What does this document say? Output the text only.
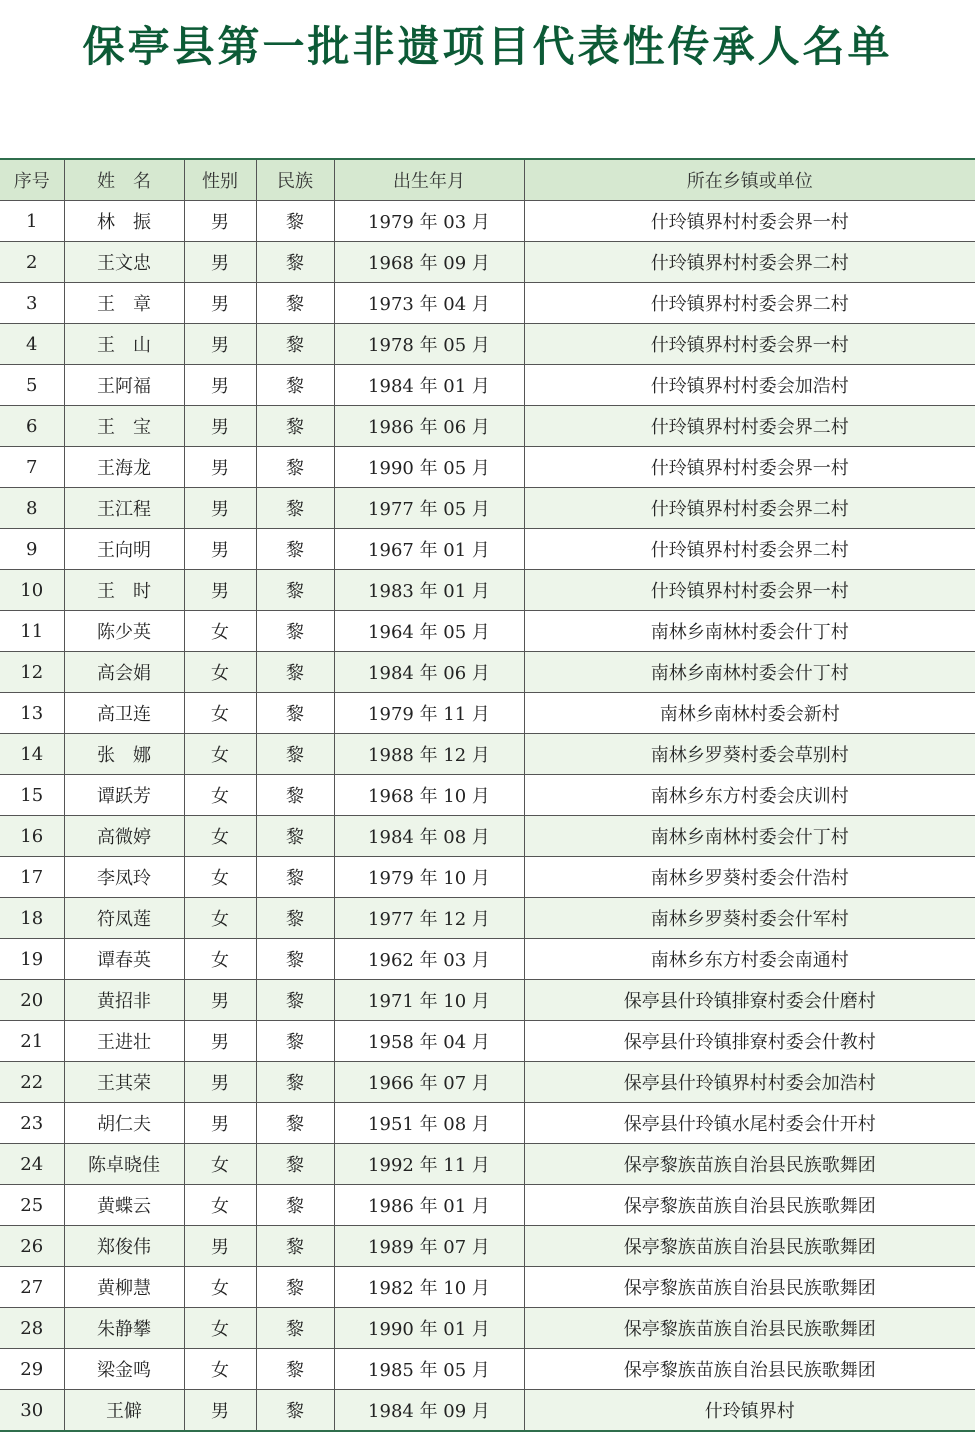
保亭县第一批非遗项目代表性传承人名单
序号	姓　名	性别	民族	出生年月	所在乡镇或单位
1	林　振	男	黎	1979 年 03 月	什玲镇界村村委会界一村
2	王文忠	男	黎	1968 年 09 月	什玲镇界村村委会界二村
3	王　章	男	黎	1973 年 04 月	什玲镇界村村委会界二村
4	王　山	男	黎	1978 年 05 月	什玲镇界村村委会界一村
5	王阿福	男	黎	1984 年 01 月	什玲镇界村村委会加浩村
6	王　宝	男	黎	1986 年 06 月	什玲镇界村村委会界二村
7	王海龙	男	黎	1990 年 05 月	什玲镇界村村委会界一村
8	王江程	男	黎	1977 年 05 月	什玲镇界村村委会界二村
9	王向明	男	黎	1967 年 01 月	什玲镇界村村委会界二村
10	王　时	男	黎	1983 年 01 月	什玲镇界村村委会界一村
11	陈少英	女	黎	1964 年 05 月	南林乡南林村委会什丁村
12	高会娟	女	黎	1984 年 06 月	南林乡南林村委会什丁村
13	高卫连	女	黎	1979 年 11 月	南林乡南林村委会新村
14	张　娜	女	黎	1988 年 12 月	南林乡罗葵村委会草别村
15	谭跃芳	女	黎	1968 年 10 月	南林乡东方村委会庆训村
16	高微婷	女	黎	1984 年 08 月	南林乡南林村委会什丁村
17	李凤玲	女	黎	1979 年 10 月	南林乡罗葵村委会什浩村
18	符凤莲	女	黎	1977 年 12 月	南林乡罗葵村委会什军村
19	谭春英	女	黎	1962 年 03 月	南林乡东方村委会南通村
20	黄招非	男	黎	1971 年 10 月	保亭县什玲镇排寮村委会什磨村
21	王进壮	男	黎	1958 年 04 月	保亭县什玲镇排寮村委会什教村
22	王其荣	男	黎	1966 年 07 月	保亭县什玲镇界村村委会加浩村
23	胡仁夫	男	黎	1951 年 08 月	保亭县什玲镇水尾村委会什开村
24	陈卓晓佳	女	黎	1992 年 11 月	保亭黎族苗族自治县民族歌舞团
25	黄蝶云	女	黎	1986 年 01 月	保亭黎族苗族自治县民族歌舞团
26	郑俊伟	男	黎	1989 年 07 月	保亭黎族苗族自治县民族歌舞团
27	黄柳慧	女	黎	1982 年 10 月	保亭黎族苗族自治县民族歌舞团
28	朱静攀	女	黎	1990 年 01 月	保亭黎族苗族自治县民族歌舞团
29	梁金鸣	女	黎	1985 年 05 月	保亭黎族苗族自治县民族歌舞团
30	王僻	男	黎	1984 年 09 月	什玲镇界村
